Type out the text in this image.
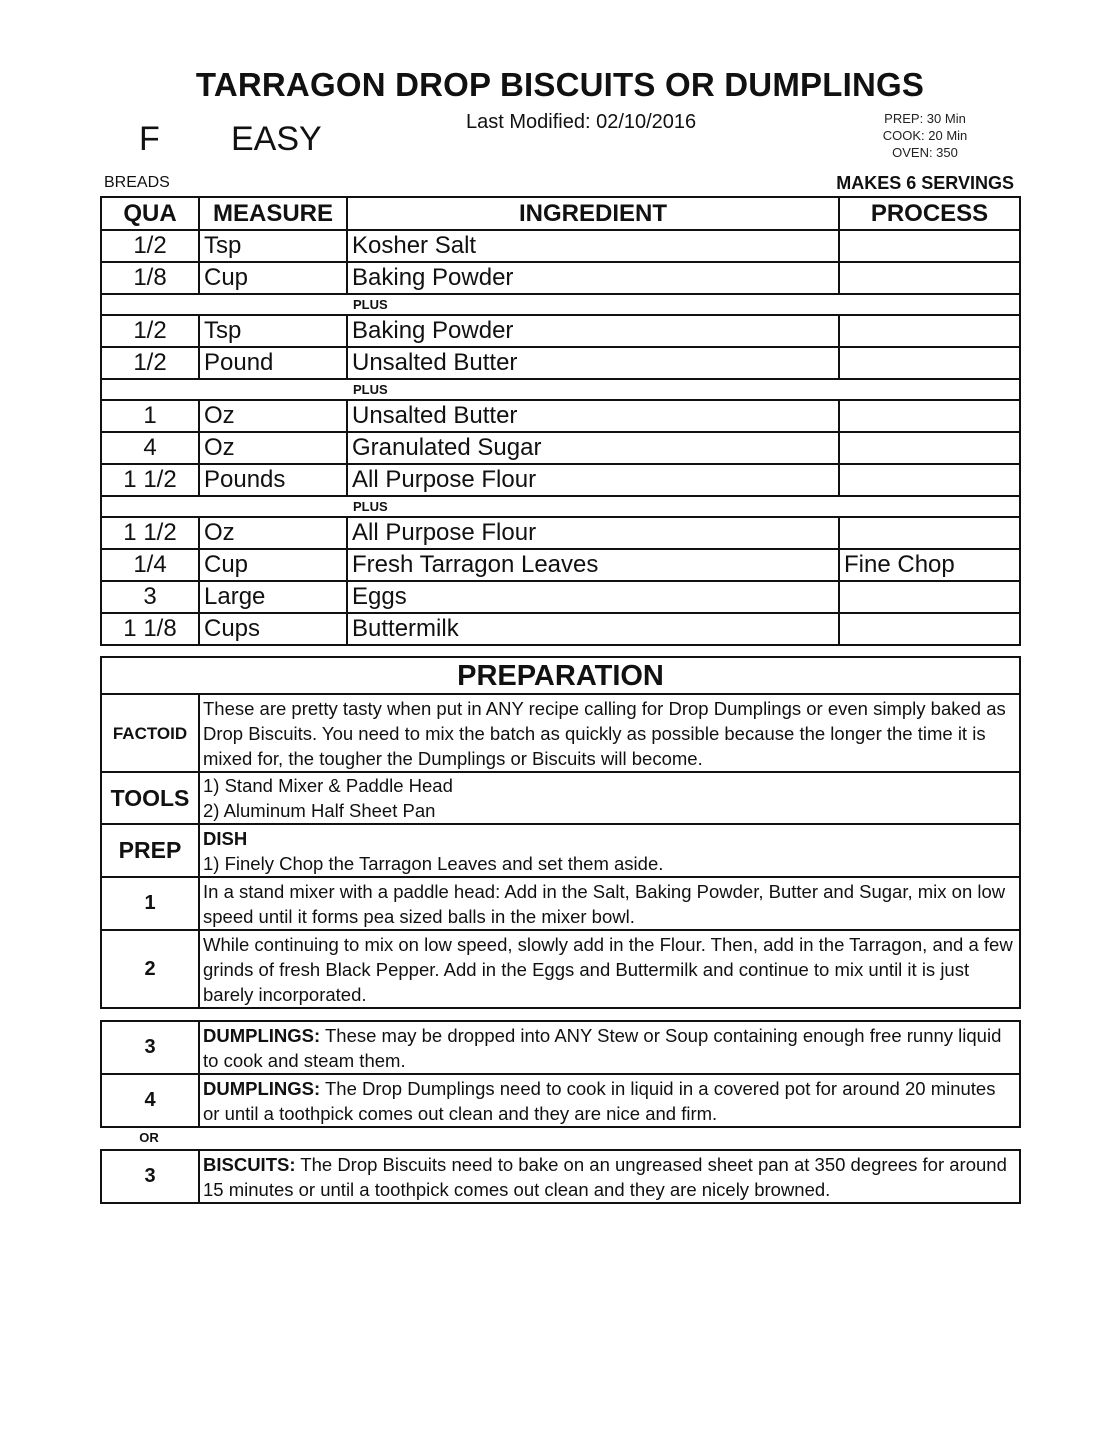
TARRAGON DROP BISCUITS OR DUMPLINGS
F EASY	Last Modified: 02/10/2016	PREP: 30 Min
COOK: 20 Min
OVEN: 350
BREADS	MAKES 6 SERVINGS
QUA	MEASURE	INGREDIENT	PROCESS
1/2	Tsp	Kosher Salt	
1/8	Cup	Baking Powder	
PLUS			
1/2	Tsp	Baking Powder	
1/2	Pound	Unsalted Butter	
PLUS			
1	Oz	Unsalted Butter	
4	Oz	Granulated Sugar	
1 1/2	Pounds	All Purpose Flour	
PLUS			
1 1/2	Oz	All Purpose Flour	
1/4	Cup	Fresh Tarragon Leaves	Fine Chop
3	Large	Eggs	
1 1/8	Cups	Buttermilk	
PREPARATION	
FACTOID	These are pretty tasty when put in ANY recipe calling for Drop Dumplings or even simply baked as Drop Biscuits. You need to mix the batch as quickly as possible because the longer the time it is mixed for, the tougher the Dumplings or Biscuits will become.
TOOLS	1) Stand Mixer & Paddle Head
2) Aluminum Half Sheet Pan

PREP	DISH
1) Finely Chop the Tarragon Leaves and set them aside.

1	In a stand mixer with a paddle head: Add in the Salt, Baking Powder, Butter and Sugar, mix on low speed until it forms pea sized balls in the mixer bowl.
2	While continuing to mix on low speed, slowly add in the Flour. Then, add in the Tarragon, and a few grinds of fresh Black Pepper. Add in the Eggs and Buttermilk and continue to mix until it is just barely incorporated.
3	DUMPLINGS: These may be dropped into ANY Stew or Soup containing enough free runny liquid to cook and steam them.
4	DUMPLINGS: The Drop Dumplings need to cook in liquid in a covered pot for around 20 minutes or until a toothpick comes out clean and they are nice and firm.
OR
3	BISCUITS: The Drop Biscuits need to bake on an ungreased sheet pan at 350 degrees for around 15 minutes or until a toothpick comes out clean and they are nicely browned.
